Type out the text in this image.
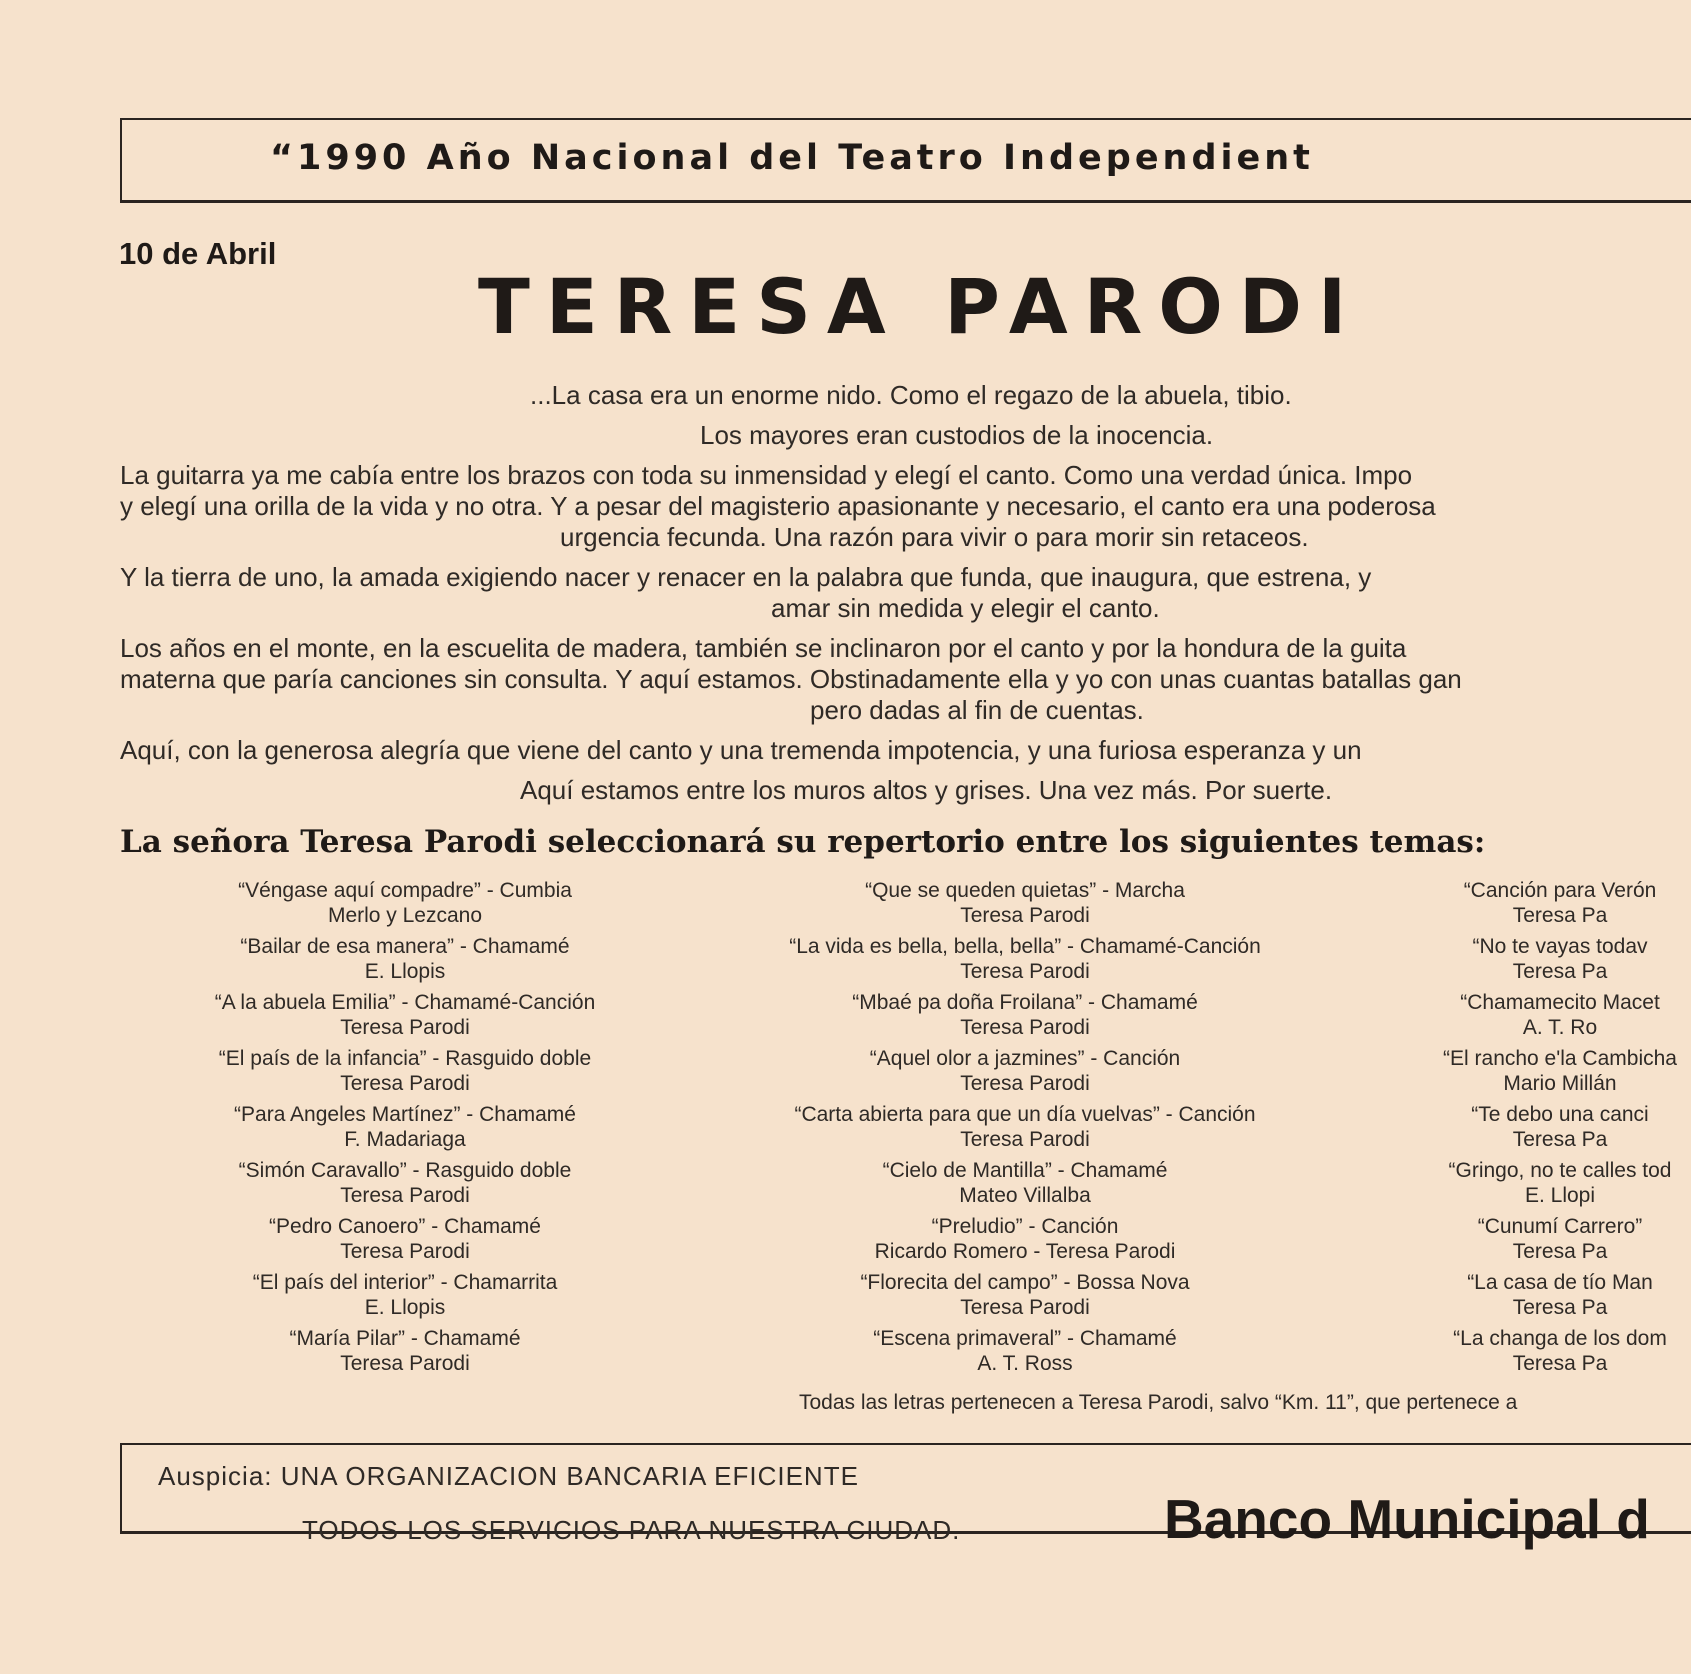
“1990 Año Nacional del Teatro Independient
10 de Abril
TERESA PARODI
...La casa era un enorme nido. Como el regazo de la abuela, tibio.
Los mayores eran custodios de la inocencia.
La guitarra ya me cabía entre los brazos con toda su inmensidad y elegí el canto. Como una verdad única. Impo
y elegí una orilla de la vida y no otra. Y a pesar del magisterio apasionante y necesario, el canto era una poderosa
urgencia fecunda. Una razón para vivir o para morir sin retaceos.
Y la tierra de uno, la amada exigiendo nacer y renacer en la palabra que funda, que inaugura, que estrena, y
amar sin medida y elegir el canto.
Los años en el monte, en la escuelita de madera, también se inclinaron por el canto y por la hondura de la guita
materna que paría canciones sin consulta. Y aquí estamos. Obstinadamente ella y yo con unas cuantas batallas gan
pero dadas al fin de cuentas.
Aquí, con la generosa alegría que viene del canto y una tremenda impotencia, y una furiosa esperanza y un
Aquí estamos entre los muros altos y grises. Una vez más. Por suerte.
La señora Teresa Parodi seleccionará su repertorio entre los siguientes temas:
“Véngase aquí compadre” - Cumbia
Merlo y Lezcano
“Bailar de esa manera” - Chamamé
E. Llopis
“A la abuela Emilia” - Chamamé-Canción
Teresa Parodi
“El país de la infancia” - Rasguido doble
Teresa Parodi
“Para Angeles Martínez” - Chamamé
F. Madariaga
“Simón Caravallo” - Rasguido doble
Teresa Parodi
“Pedro Canoero” - Chamamé
Teresa Parodi
“El país del interior” - Chamarrita
E. Llopis
“María Pilar” - Chamamé
Teresa Parodi
“Que se queden quietas” - Marcha
Teresa Parodi
“La vida es bella, bella, bella” - Chamamé-Canción
Teresa Parodi
“Mbaé pa doña Froilana” - Chamamé
Teresa Parodi
“Aquel olor a jazmines” - Canción
Teresa Parodi
“Carta abierta para que un día vuelvas” - Canción
Teresa Parodi
“Cielo de Mantilla” - Chamamé
Mateo Villalba
“Preludio” - Canción
Ricardo Romero - Teresa Parodi
“Florecita del campo” - Bossa Nova
Teresa Parodi
“Escena primaveral” - Chamamé
A. T. Ross
“Canción para Verón
Teresa Pa
“No te vayas todav
Teresa Pa
“Chamamecito Macet
A. T. Ro
“El rancho e'la Cambicha
Mario Millán
“Te debo una canci
Teresa Pa
“Gringo, no te calles tod
E. Llopi
“Cunumí Carrero”
Teresa Pa
“La casa de tío Man
Teresa Pa
“La changa de los dom
Teresa Pa
Todas las letras pertenecen a Teresa Parodi, salvo “Km. 11”, que pertenece a
Auspicia: UNA ORGANIZACION BANCARIA EFICIENTE
TODOS LOS SERVICIOS PARA NUESTRA CIUDAD.	Banco Municipal d
